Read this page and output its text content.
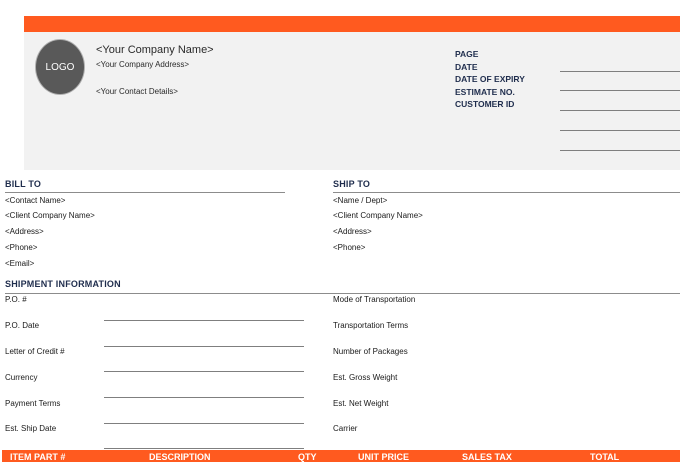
LOGO
<Your Company Name>
<Your Company Address>
<Your Contact Details>
PAGE
DATE
DATE OF EXPIRY
ESTIMATE NO.
CUSTOMER ID
BILL TO
<Contact Name>
<Client Company Name>
<Address>
<Phone>
<Email>
SHIP TO
<Name / Dept>
<Client Company Name>
<Address>
<Phone>
SHIPMENT INFORMATION
P.O. #
P.O. Date
Letter of Credit #
Currency
Payment Terms
Est. Ship Date
Mode of Transportation
Transportation Terms
Number of Packages
Est. Gross Weight
Est. Net Weight
Carrier
ITEM PART #	DESCRIPTION	QTY	UNIT PRICE	SALES TAX	TOTAL
